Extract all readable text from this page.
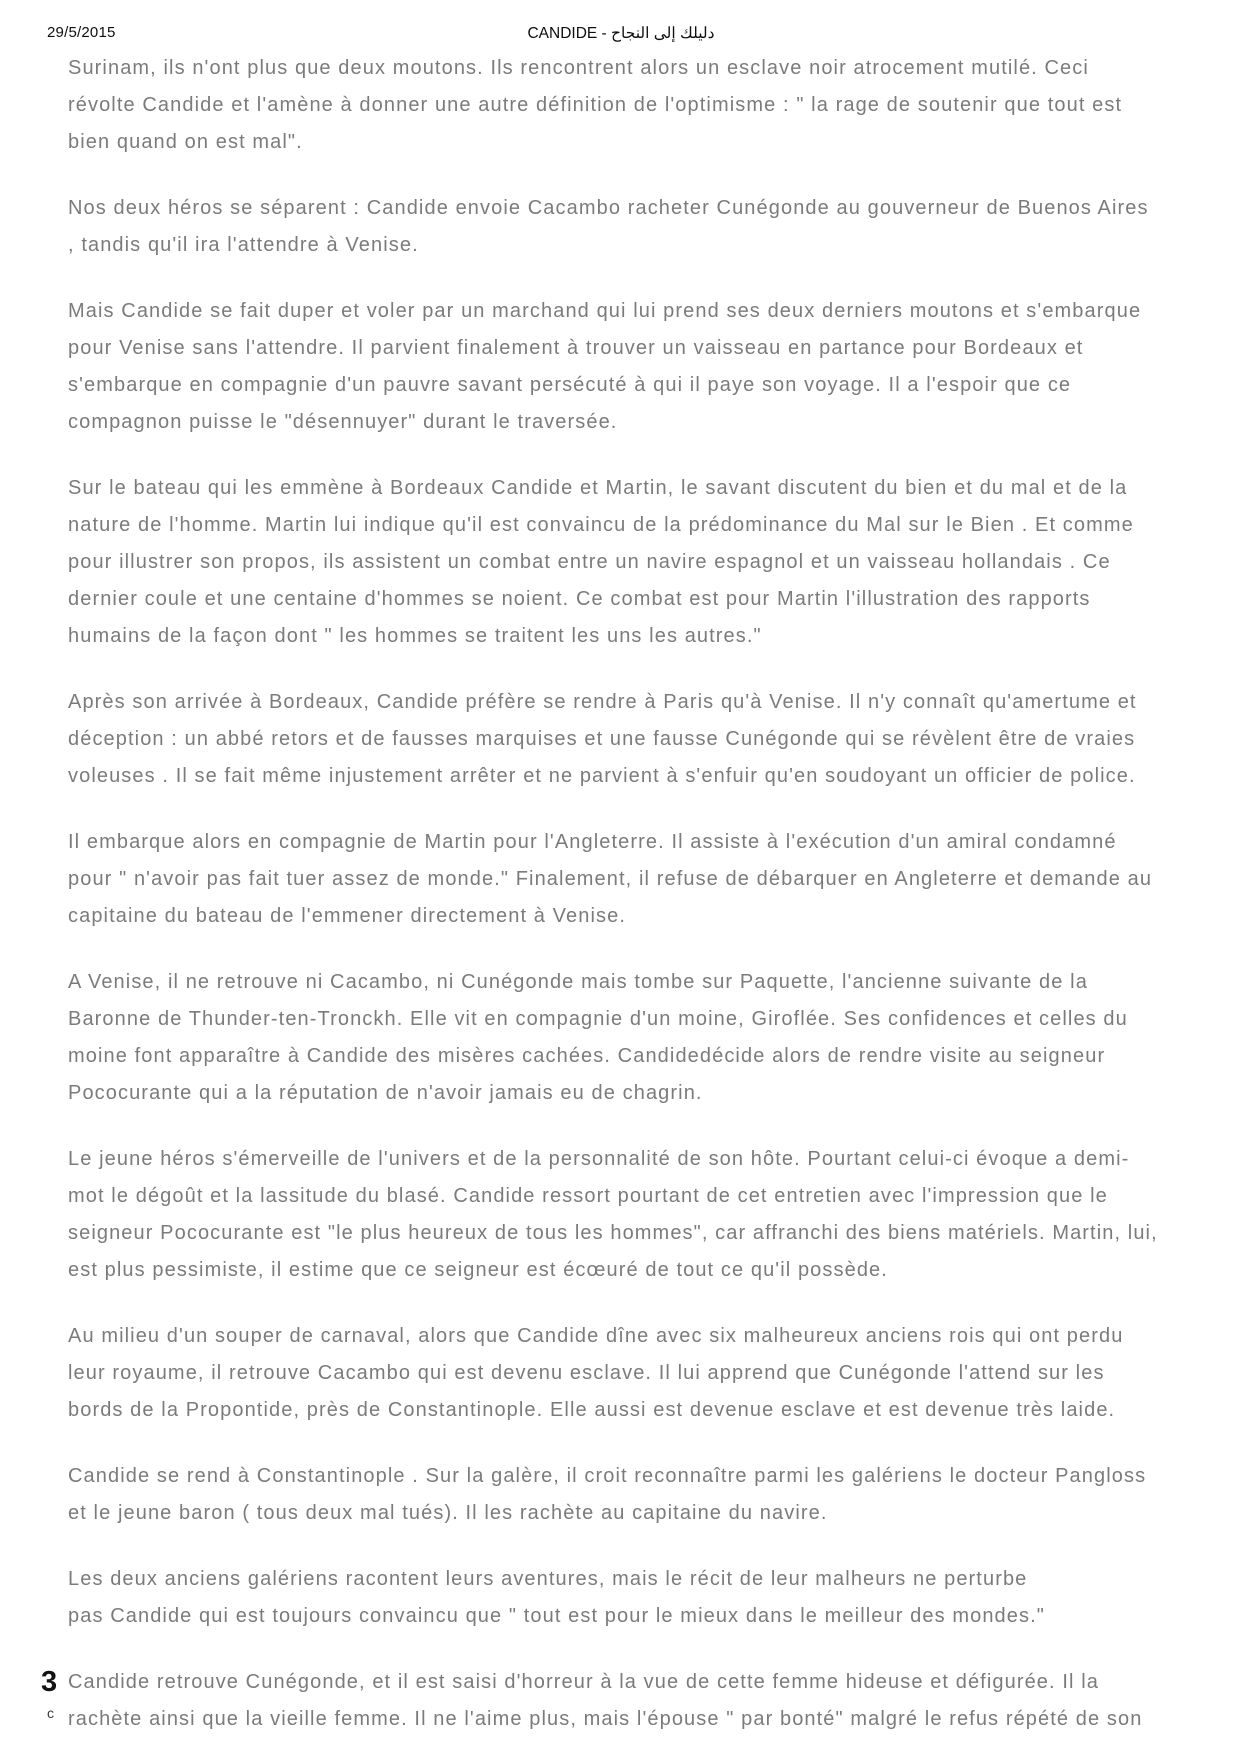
29/5/2015	CANDIDE - دليلك إلى النجاح

Surinam, ils n'ont plus que deux moutons. Ils rencontrent alors un esclave noir atrocement mutilé. Ceci
révolte Candide et l'amène à donner une autre définition de l'optimisme : " la rage de soutenir que tout est
bien quand on est mal".

Nos deux héros se séparent : Candide envoie Cacambo racheter Cunégonde au gouverneur de Buenos Aires
, tandis qu'il ira l'attendre à Venise.

Mais Candide se fait duper et voler par un marchand qui lui prend ses deux derniers moutons et s'embarque
pour Venise sans l'attendre. Il parvient finalement à trouver un vaisseau en partance pour Bordeaux et
s'embarque en compagnie d'un pauvre savant persécuté à qui il paye son voyage. Il a l'espoir que ce
compagnon puisse le "désennuyer" durant le traversée.

Sur le bateau qui les emmène à Bordeaux Candide et Martin, le savant discutent du bien et du mal et de la
nature de l'homme. Martin lui indique qu'il est convaincu de la prédominance du Mal sur le Bien . Et comme
pour illustrer son propos, ils assistent un combat entre un navire espagnol et un vaisseau hollandais . Ce
dernier coule et une centaine d'hommes se noient. Ce combat est pour Martin l'illustration des rapports
humains de la façon dont " les hommes se traitent les uns les autres."

Après son arrivée à Bordeaux, Candide préfère se rendre à Paris qu'à Venise. Il n'y connaît qu'amertume et
déception : un abbé retors et de fausses marquises et une fausse Cunégonde qui se révèlent être de vraies
voleuses . Il se fait même injustement arrêter et ne parvient à s'enfuir qu'en soudoyant un officier de police.

Il embarque alors en compagnie de Martin pour l'Angleterre. Il assiste à l'exécution d'un amiral condamné
pour " n'avoir pas fait tuer assez de monde." Finalement, il refuse de débarquer en Angleterre et demande au
capitaine du bateau de l'emmener directement à Venise.

A Venise, il ne retrouve ni Cacambo, ni Cunégonde mais tombe sur Paquette, l'ancienne suivante de la
Baronne de Thunder-ten-Tronckh. Elle vit en compagnie d'un moine, Giroflée. Ses confidences et celles du
moine font apparaître à Candide des misères cachées. Candidedécide alors de rendre visite au seigneur
Pococurante qui a la réputation de n'avoir jamais eu de chagrin.

Le jeune héros s'émerveille de l'univers et de la personnalité de son hôte. Pourtant celui-ci évoque a demi-
mot le dégoût et la lassitude du blasé. Candide ressort pourtant de cet entretien avec l'impression que le
seigneur Pococurante est "le plus heureux de tous les hommes", car affranchi des biens matériels. Martin, lui,
est plus pessimiste, il estime que ce seigneur est écœuré de tout ce qu'il possède.

Au milieu d'un souper de carnaval, alors que Candide dîne avec six malheureux anciens rois qui ont perdu
leur royaume, il retrouve Cacambo qui est devenu esclave. Il lui apprend que Cunégonde l'attend sur les
bords de la Propontide, près de Constantinople. Elle aussi est devenue esclave et est devenue très laide.

Candide se rend à Constantinople . Sur la galère, il croit reconnaître parmi les galériens le docteur Pangloss
et le jeune baron ( tous deux mal tués). Il les rachète au capitaine du navire.

Les deux anciens galériens racontent leurs aventures, mais le récit de leur malheurs ne perturbe
pas Candide qui est toujours convaincu que " tout est pour le mieux dans le meilleur des mondes."

Candide retrouve Cunégonde, et il est saisi d'horreur à la vue de cette femme hideuse et défigurée. Il la
rachète ainsi que la vieille femme. Il ne l'aime plus, mais l'épouse " par bonté" malgré le refus répété de son

3
c
